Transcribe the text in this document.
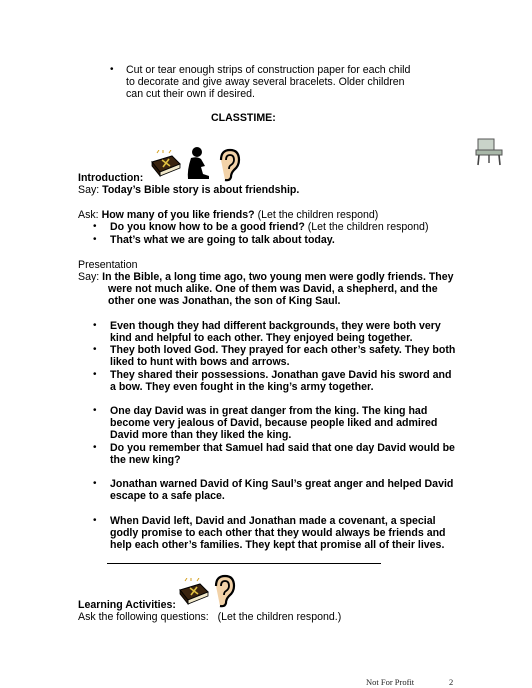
• Cut or tear enough strips of construction paper for each child
to decorate and give away several bracelets. Older children
can cut their own if desired.
CLASSTIME:
Introduction:
Say: Today’s Bible story is about friendship.
Ask: How many of you like friends? (Let the children respond)
• Do you know how to be a good friend? (Let the children respond)
• That’s what we are going to talk about today.
Presentation
Say: In the Bible, a long time ago, two young men were godly friends. They
were not much alike. One of them was David, a shepherd, and the
other one was Jonathan, the son of King Saul.
• Even though they had different backgrounds, they were both very
kind and helpful to each other. They enjoyed being together.
• They both loved God. They prayed for each other’s safety. They both
liked to hunt with bows and arrows.
• They shared their possessions. Jonathan gave David his sword and
a bow. They even fought in the king’s army together.
• One day David was in great danger from the king. The king had
become very jealous of David, because people liked and admired
David more than they liked the king.
• Do you remember that Samuel had said that one day David would be
the new king?
• Jonathan warned David of King Saul’s great anger and helped David
escape to a safe place.
• When David left, David and Jonathan made a covenant, a special
godly promise to each other that they would always be friends and
help each other’s families. They kept that promise all of their lives.
Learning Activities:
Ask the following questions: (Let the children respond.)
Not For Profit	2
